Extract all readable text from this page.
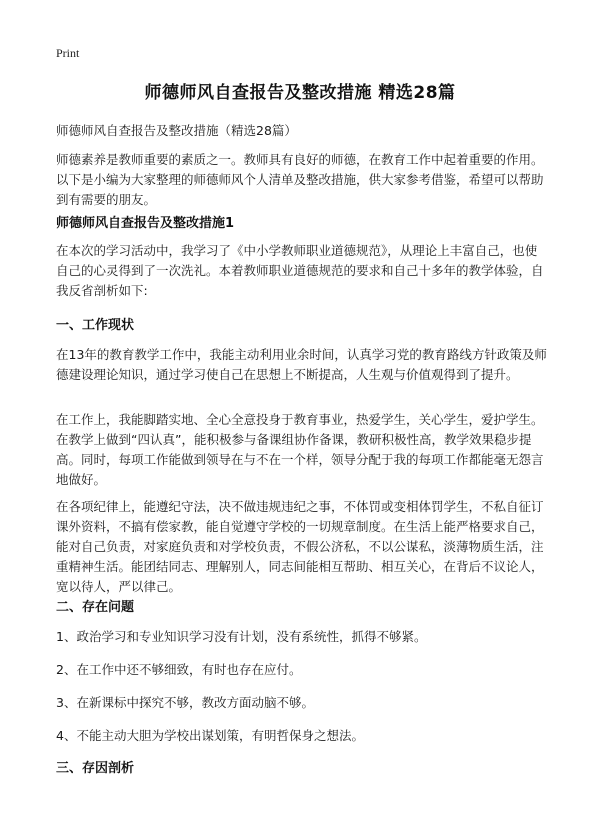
Print
师德师风自查报告及整改措施 精选28篇
师德师风自查报告及整改措施（精选28篇）
师德素养是教师重要的素质之一。教师具有良好的师德，在教育工作中起着重要的作用。以下是小编为大家整理的师德师风个人清单及整改措施，供大家参考借鉴，希望可以帮助到有需要的朋友。
师德师风自查报告及整改措施1
在本次的学习活动中，我学习了《中小学教师职业道德规范》，从理论上丰富自己，也使自己的心灵得到了一次洗礼。本着教师职业道德规范的要求和自己十多年的教学体验，自我反省剖析如下:
一、工作现状
在13年的教育教学工作中，我能主动利用业余时间，认真学习党的教育路线方针政策及师德建设理论知识，通过学习使自己在思想上不断提高，人生观与价值观得到了提升。
在工作上，我能脚踏实地、全心全意投身于教育事业，热爱学生，关心学生，爱护学生。在教学上做到“四认真”，能积极参与备课组协作备课，教研积极性高，教学效果稳步提高。同时，每项工作能做到领导在与不在一个样，领导分配于我的每项工作都能毫无怨言地做好。
在各项纪律上，能遵纪守法，决不做违规违纪之事，不体罚或变相体罚学生，不私自征订课外资料，不搞有偿家教，能自觉遵守学校的一切规章制度。在生活上能严格要求自己，能对自己负责，对家庭负责和对学校负责，不假公济私，不以公谋私，淡薄物质生活，注重精神生活。能团结同志、理解别人，同志间能相互帮助、相互关心，在背后不议论人，宽以待人，严以律己。
二、存在问题
1、政治学习和专业知识学习没有计划，没有系统性，抓得不够紧。
2、在工作中还不够细致，有时也存在应付。
3、在新课标中探究不够，教改方面动脑不够。
4、不能主动大胆为学校出谋划策，有明哲保身之想法。
三、存因剖析
